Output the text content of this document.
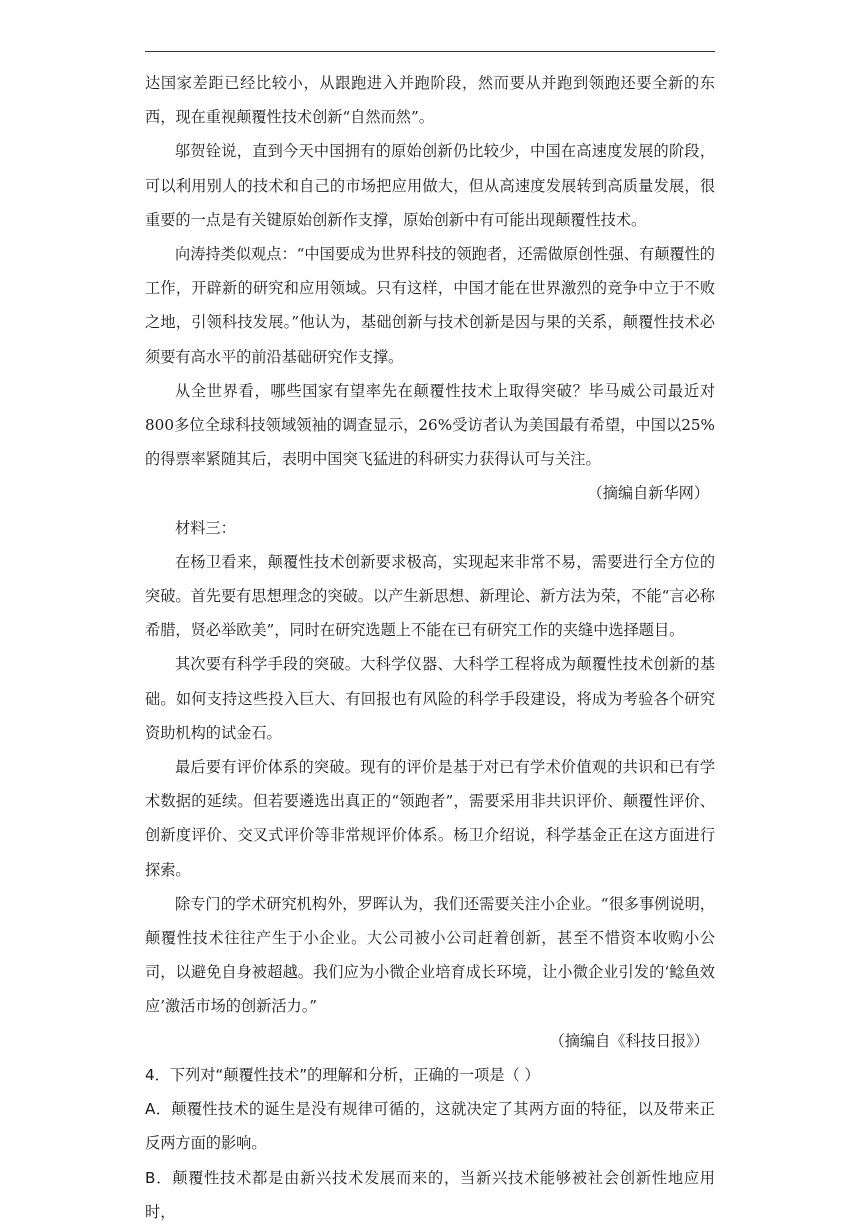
达国家差距已经比较小，从跟跑进入并跑阶段，然而要从并跑到领跑还要全新的东西，现在重视颠覆性技术创新“自然而然”。

邬贺铨说，直到今天中国拥有的原始创新仍比较少，中国在高速度发展的阶段，可以利用别人的技术和自己的市场把应用做大，但从高速度发展转到高质量发展，很重要的一点是有关键原始创新作支撑，原始创新中有可能出现颠覆性技术。

向涛持类似观点：“中国要成为世界科技的领跑者，还需做原创性强、有颠覆性的工作，开辟新的研究和应用领域。只有这样，中国才能在世界激烈的竞争中立于不败之地，引领科技发展。”他认为，基础创新与技术创新是因与果的关系，颠覆性技术必须要有高水平的前沿基础研究作支撑。

从全世界看，哪些国家有望率先在颠覆性技术上取得突破？毕马威公司最近对800多位全球科技领域领袖的调查显示，26%受访者认为美国最有希望，中国以25%的得票率紧随其后，表明中国突飞猛进的科研实力获得认可与关注。

（摘编自新华网）

材料三：

在杨卫看来，颠覆性技术创新要求极高，实现起来非常不易，需要进行全方位的突破。首先要有思想理念的突破。以产生新思想、新理论、新方法为荣，不能“言必称希腊，贤必举欧美”，同时在研究选题上不能在已有研究工作的夹缝中选择题目。

其次要有科学手段的突破。大科学仪器、大科学工程将成为颠覆性技术创新的基础。如何支持这些投入巨大、有回报也有风险的科学手段建设，将成为考验各个研究资助机构的试金石。

最后要有评价体系的突破。现有的评价是基于对已有学术价值观的共识和已有学术数据的延续。但若要遴选出真正的“领跑者”，需要采用非共识评价、颠覆性评价、创新度评价、交叉式评价等非常规评价体系。杨卫介绍说，科学基金正在这方面进行探索。

除专门的学术研究机构外，罗晖认为，我们还需要关注小企业。“很多事例说明，颠覆性技术往往产生于小企业。大公司被小公司赶着创新，甚至不惜资本收购小公司，以避免自身被超越。我们应为小微企业培育成长环境，让小微企业引发的‘鲶鱼效应’激活市场的创新活力。”

（摘编自《科技日报》）

4．下列对“颠覆性技术”的理解和分析，正确的一项是（ ）

A．颠覆性技术的诞生是没有规律可循的，这就决定了其两方面的特征，以及带来正反两方面的影响。

B．颠覆性技术都是由新兴技术发展而来的，当新兴技术能够被社会创新性地应用时，
